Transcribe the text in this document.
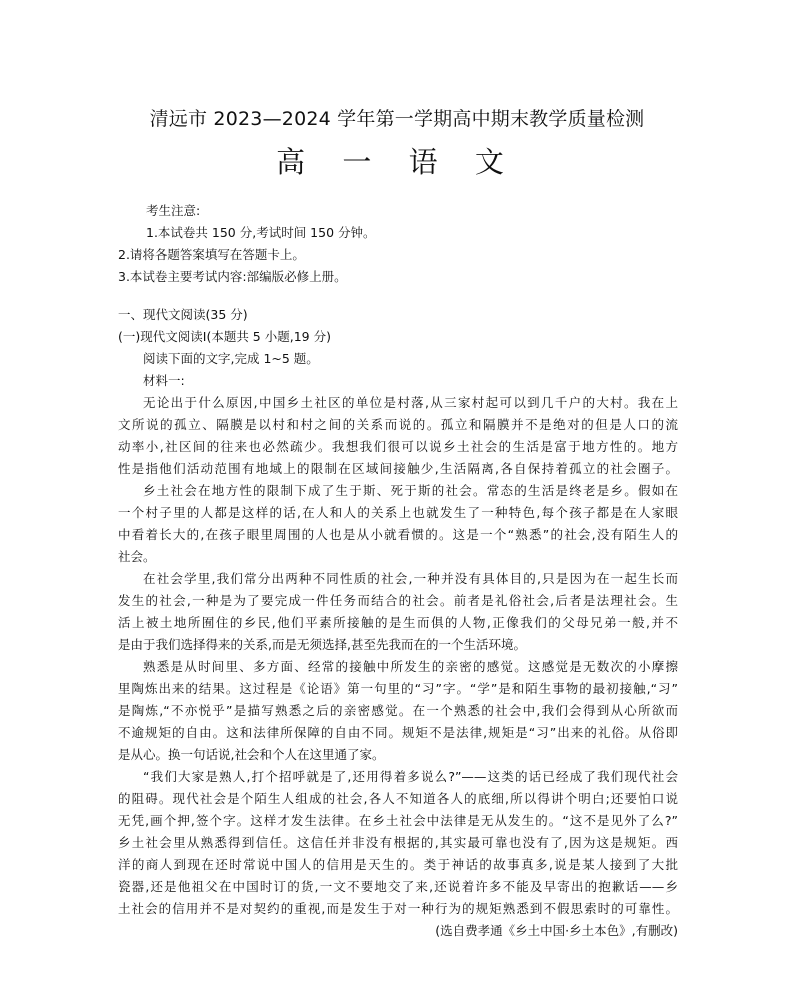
清远市 2023—2024 学年第一学期高中期末教学质量检测
高 一 语 文
考生注意:
1.本试卷共 150 分,考试时间 150 分钟。
2.请将各题答案填写在答题卡上。
3.本试卷主要考试内容:部编版必修上册。
一、现代文阅读(35 分)
(一)现代文阅读Ⅰ(本题共 5 小题,19 分)
阅读下面的文字,完成 1~5 题。
材料一:
无论出于什么原因,中国乡土社区的单位是村落,从三家村起可以到几千户的大村。我在上
文所说的孤立、隔膜是以村和村之间的关系而说的。孤立和隔膜并不是绝对的但是人口的流
动率小,社区间的往来也必然疏少。我想我们很可以说乡土社会的生活是富于地方性的。地方
性是指他们活动范围有地域上的限制在区域间接触少,生活隔离,各自保持着孤立的社会圈子。
乡土社会在地方性的限制下成了生于斯、死于斯的社会。常态的生活是终老是乡。假如在
一个村子里的人都是这样的话,在人和人的关系上也就发生了一种特色,每个孩子都是在人家眼
中看着长大的,在孩子眼里周围的人也是从小就看惯的。这是一个“熟悉”的社会,没有陌生人的
社会。
在社会学里,我们常分出两种不同性质的社会,一种并没有具体目的,只是因为在一起生长而
发生的社会,一种是为了要完成一件任务而结合的社会。前者是礼俗社会,后者是法理社会。生
活上被土地所囿住的乡民,他们平素所接触的是生而俱的人物,正像我们的父母兄弟一般,并不
是由于我们选择得来的关系,而是无须选择,甚至先我而在的一个生活环境。
熟悉是从时间里、多方面、经常的接触中所发生的亲密的感觉。这感觉是无数次的小摩擦
里陶炼出来的结果。这过程是《论语》第一句里的“习”字。“学”是和陌生事物的最初接触,“习”
是陶炼,“不亦悦乎”是描写熟悉之后的亲密感觉。在一个熟悉的社会中,我们会得到从心所欲而
不逾规矩的自由。这和法律所保障的自由不同。规矩不是法律,规矩是“习”出来的礼俗。从俗即
是从心。换一句话说,社会和个人在这里通了家。
“我们大家是熟人,打个招呼就是了,还用得着多说么?”——这类的话已经成了我们现代社会
的阻碍。现代社会是个陌生人组成的社会,各人不知道各人的底细,所以得讲个明白;还要怕口说
无凭,画个押,签个字。这样才发生法律。在乡土社会中法律是无从发生的。“这不是见外了么?”
乡土社会里从熟悉得到信任。这信任并非没有根据的,其实最可靠也没有了,因为这是规矩。西
洋的商人到现在还时常说中国人的信用是天生的。类于神话的故事真多,说是某人接到了大批
瓷器,还是他祖父在中国时订的货,一文不要地交了来,还说着许多不能及早寄出的抱歉话——乡
土社会的信用并不是对契约的重视,而是发生于对一种行为的规矩熟悉到不假思索时的可靠性。
(选自费孝通《乡土中国·乡土本色》,有删改)
